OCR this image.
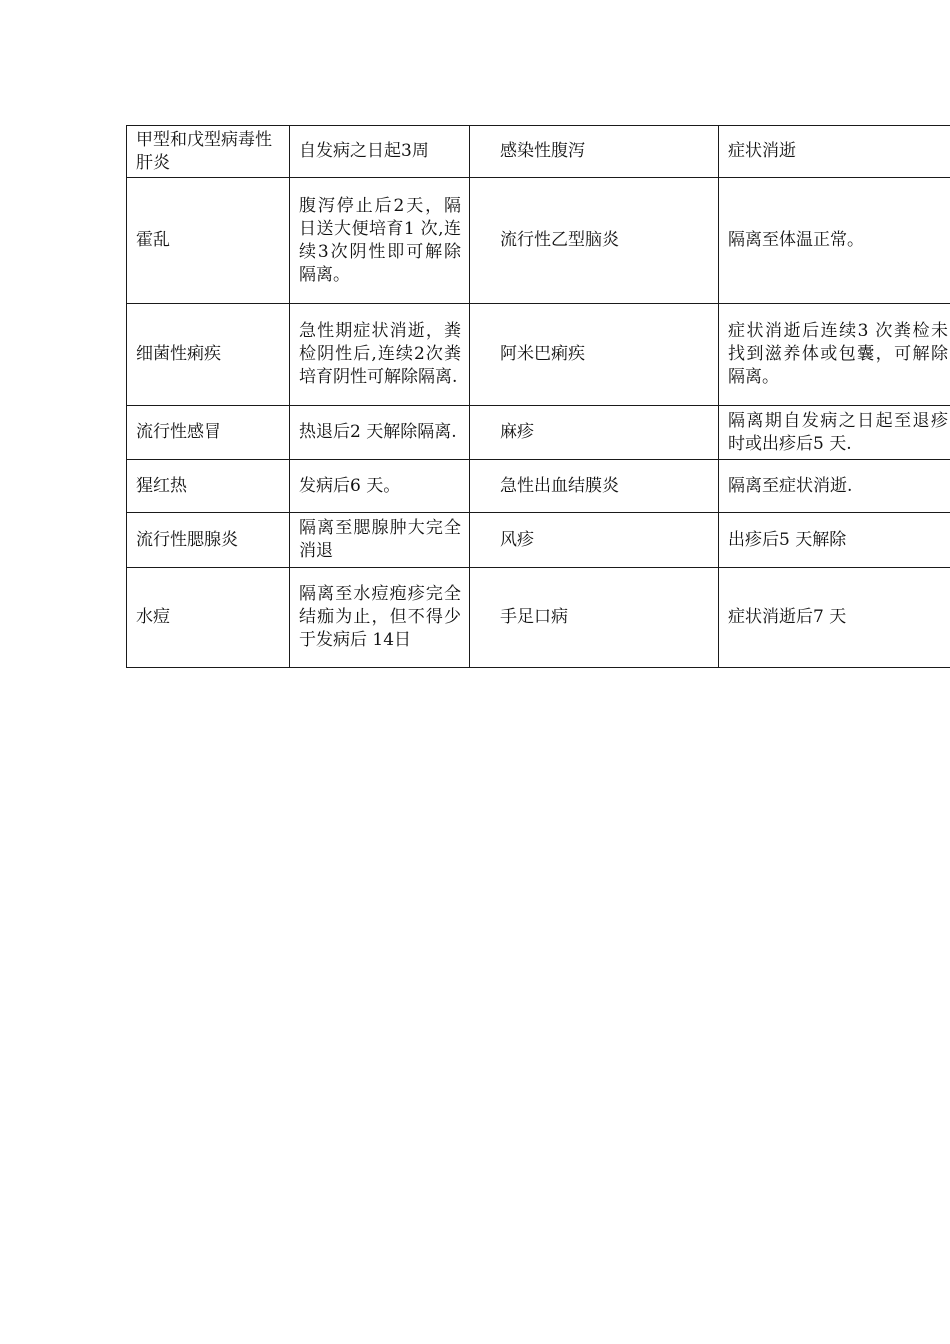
甲型和戊型病毒性肝炎	自发病之日起3周	感染性腹泻	症状消逝
霍乱	腹泻停止后2天，隔日送大便培育1 次,连续3次阴性即可解除隔离。	流行性乙型脑炎	隔离至体温正常。
细菌性痢疾	急性期症状消逝，粪检阴性后,连续2次粪培育阴性可解除隔离.	阿米巴痢疾	症状消逝后连续3 次粪检未找到滋养体或包囊，可解除隔离。
流行性感冒	热退后2 天解除隔离.	麻疹	隔离期自发病之日起至退疹时或出疹后5 天.
猩红热	发病后6 天。	急性出血结膜炎	隔离至症状消逝.
流行性腮腺炎	隔离至腮腺肿大完全消退	风疹	出疹后5 天解除
水痘	隔离至水痘疱疹完全结痂为止，但不得少于发病后 14日	手足口病	症状消逝后7 天
